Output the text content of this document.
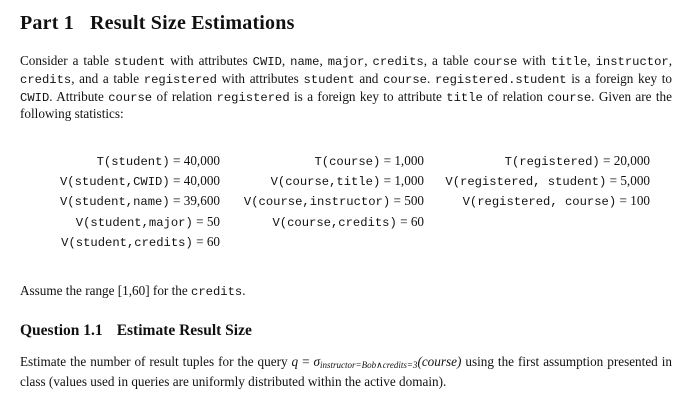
Part 1 Result Size Estimations
Consider a table student with attributes CWID, name, major, credits, a table course with title, instructor, credits, and a table registered with attributes student and course. registered.student is a foreign key to CWID. Attribute course of relation registered is a foreign key to attribute title of relation course. Given are the following statistics:
T(student) = 40,000
V(student,CWID) = 40,000
V(student,name) = 39,600
V(student,major) = 50
V(student,credits) = 60
T(course) = 1,000
V(course,title) = 1,000
V(course,instructor) = 500
V(course,credits) = 60
T(registered) = 20,000
V(registered, student) = 5,000
V(registered, course) = 100
Assume the range [1,60] for the credits.
Question 1.1 Estimate Result Size
Estimate the number of result tuples for the query $q = \sigma_{instructor=Bob\wedge credits=3}(course)$ using the first assumption presented in class (values used in queries are uniformly distributed within the active domain).
